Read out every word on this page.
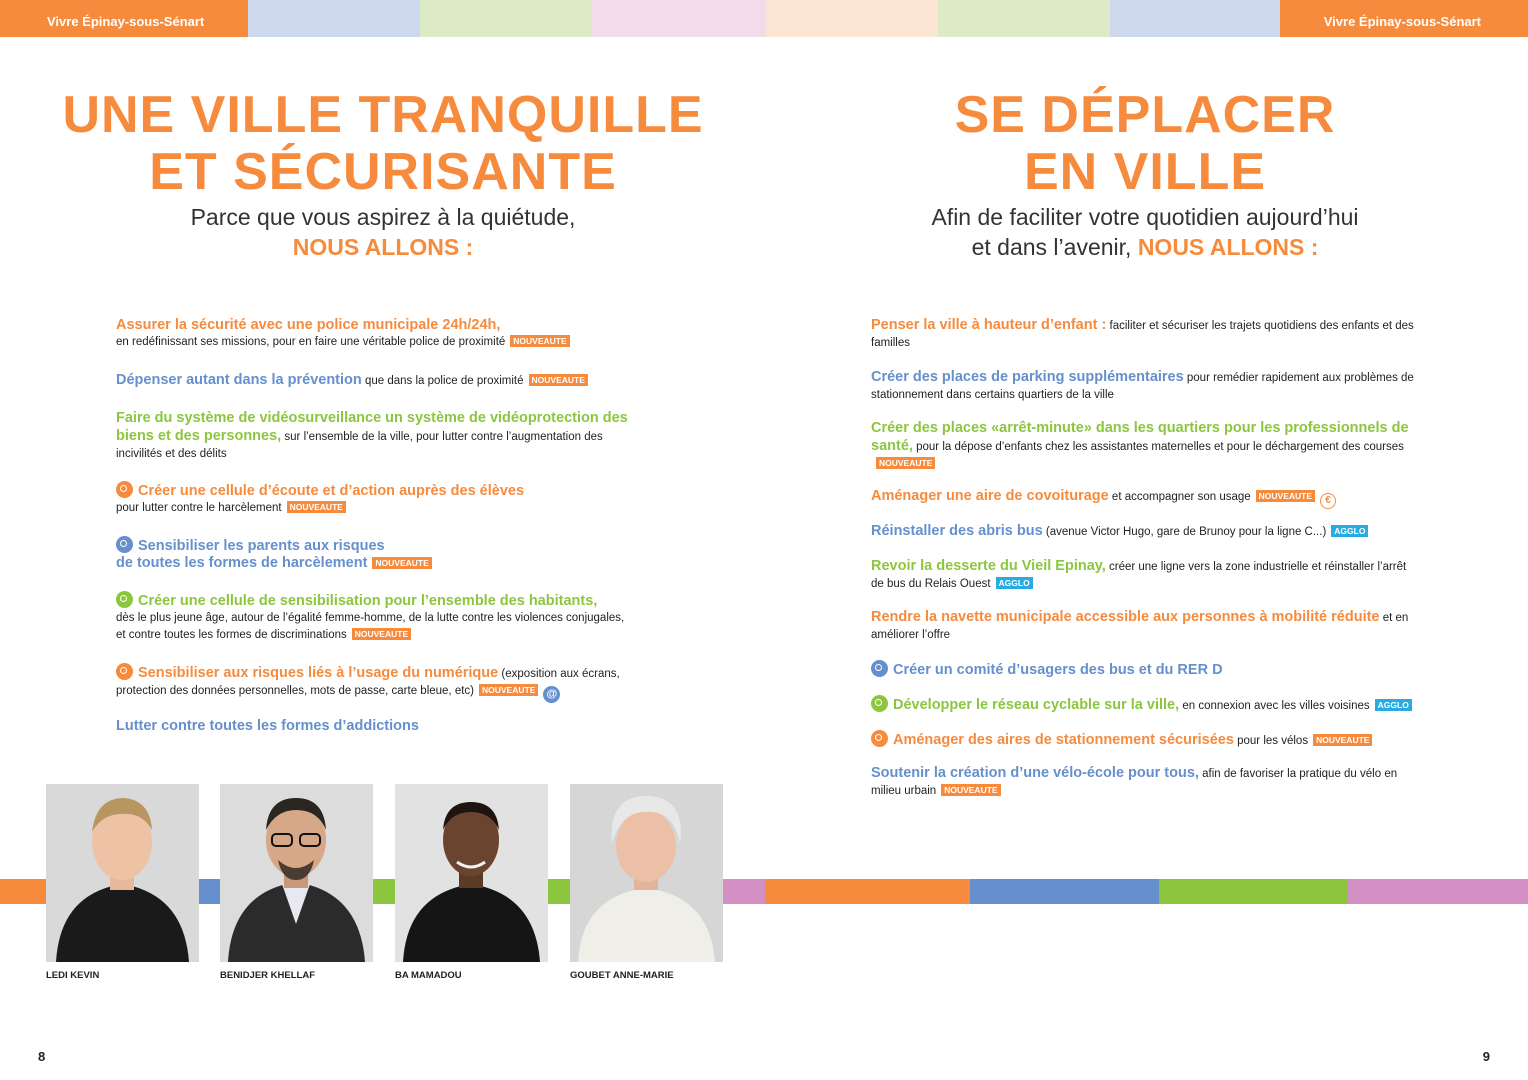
Vivre Épinay-sous-Sénart	Vivre Épinay-sous-Sénart
UNE VILLE TRANQUILLE
ET SÉCURISANTE
Parce que vous aspirez à la quiétude,
NOUS ALLONS :
Assurer la sécurité avec une police municipale 24h/24h,
en redéfinissant ses missions, pour en faire une véritable police de proximité NOUVEAUTE
Dépenser autant dans la prévention que dans la police de proximité NOUVEAUTE
Faire du système de vidéosurveillance un système de vidéoprotection des biens et des personnes, sur l’ensemble de la ville, pour lutter contre l’augmentation des incivilités et des délits
Créer une cellule d’écoute et d’action auprès des élèves
pour lutter contre le harcèlement NOUVEAUTE
Sensibiliser les parents aux risques
de toutes les formes de harcèlement NOUVEAUTE
Créer une cellule de sensibilisation pour l’ensemble des habitants,
dès le plus jeune âge, autour de l’égalité femme-homme, de la lutte contre les violences conjugales, et contre toutes les formes de discriminations NOUVEAUTE
Sensibiliser aux risques liés à l’usage du numérique (exposition aux écrans, protection des données personnelles, mots de passe, carte bleue, etc) NOUVEAUTE @
Lutter contre toutes les formes d’addictions
SE DÉPLACER
EN VILLE
Afin de faciliter votre quotidien aujourd’hui
et dans l’avenir, NOUS ALLONS :
Penser la ville à hauteur d’enfant : faciliter et sécuriser les trajets quotidiens des enfants et des familles
Créer des places de parking supplémentaires pour remédier rapidement aux problèmes de stationnement dans certains quartiers de la ville
Créer des places «arrêt-minute» dans les quartiers pour les professionnels de santé, pour la dépose d’enfants chez les assistantes maternelles et pour le déchargement des coursesNOUVEAUTE
Aménager une aire de covoiturage et accompagner son usage NOUVEAUTE €
Réinstaller des abris bus (avenue Victor Hugo, gare de Brunoy pour la ligne C...) AGGLO
Revoir la desserte du Vieil Epinay, créer une ligne vers la zone industrielle et réinstaller l’arrêt de bus du Relais Ouest AGGLO
Rendre la navette municipale accessible aux personnes à mobilité réduite et en améliorer l’offre
Créer un comité d’usagers des bus et du RER D
Développer le réseau cyclable sur la ville, en connexion avec les villes voisines AGGLO
Aménager des aires de stationnement sécurisées pour les vélos NOUVEAUTE
Soutenir la création d’une vélo-école pour tous, afin de favoriser la pratique du vélo en milieu urbain NOUVEAUTE
LEDI KEVIN	BENIDJER KHELLAF	BA MAMADOU	GOUBET ANNE-MARIE
8	9
